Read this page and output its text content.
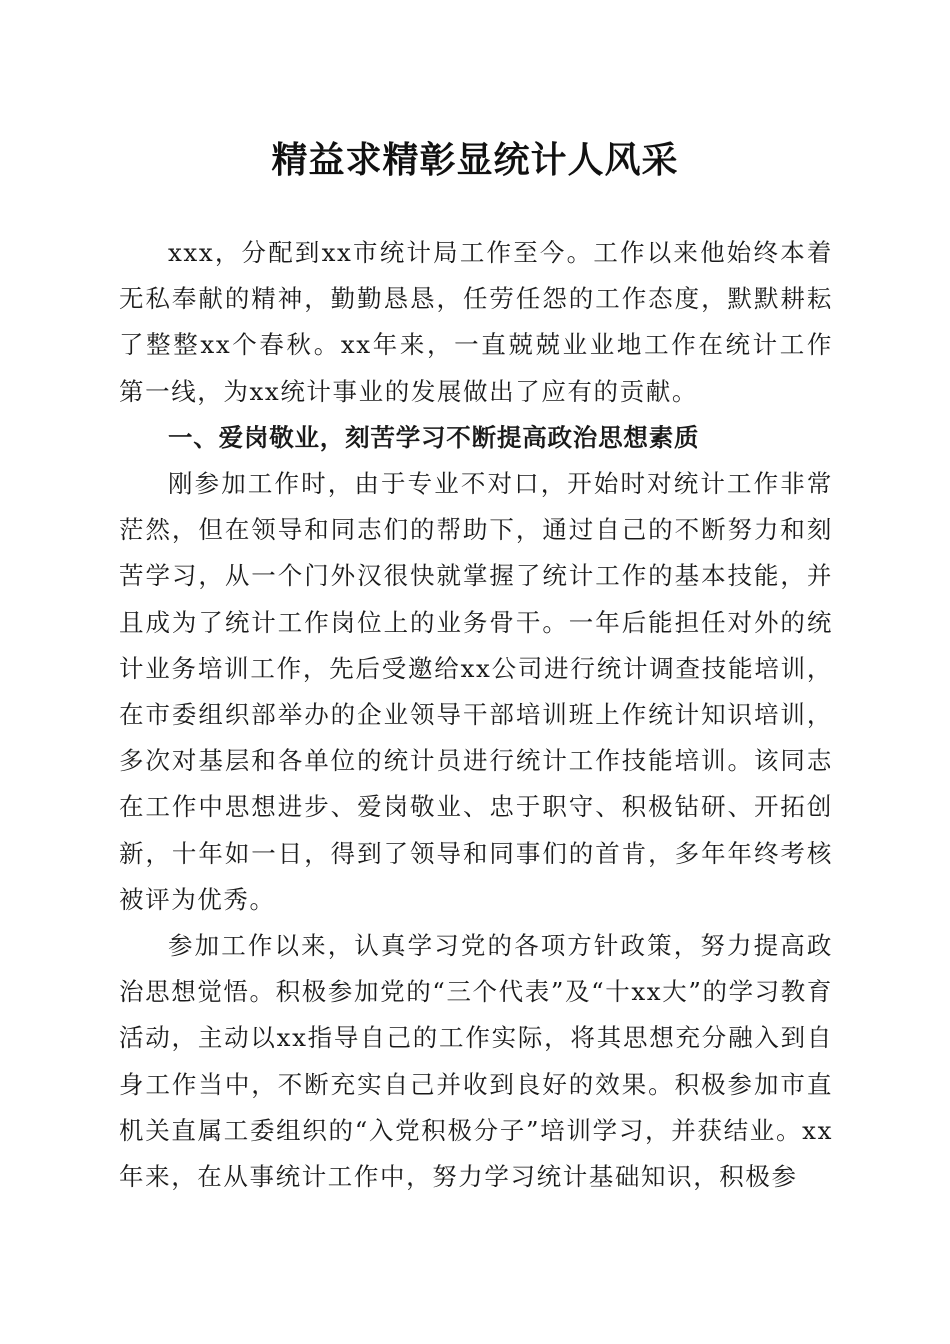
精益求精彰显统计人风采

xxx，分配到xx市统计局工作至今。工作以来他始终本着无私奉献的精神，勤勤恳恳，任劳任怨的工作态度，默默耕耘了整整xx个春秋。xx年来，一直兢兢业业地工作在统计工作第一线，为xx统计事业的发展做出了应有的贡献。

一、爱岗敬业，刻苦学习不断提高政治思想素质

刚参加工作时，由于专业不对口，开始时对统计工作非常茫然，但在领导和同志们的帮助下，通过自己的不断努力和刻苦学习，从一个门外汉很快就掌握了统计工作的基本技能，并且成为了统计工作岗位上的业务骨干。一年后能担任对外的统计业务培训工作，先后受邀给xx公司进行统计调查技能培训，在市委组织部举办的企业领导干部培训班上作统计知识培训，多次对基层和各单位的统计员进行统计工作技能培训。该同志在工作中思想进步、爱岗敬业、忠于职守、积极钻研、开拓创新，十年如一日，得到了领导和同事们的首肯，多年年终考核被评为优秀。

参加工作以来，认真学习党的各项方针政策，努力提高政治思想觉悟。积极参加党的“三个代表”及“十xx大”的学习教育活动，主动以xx指导自己的工作实际，将其思想充分融入到自身工作当中，不断充实自己并收到良好的效果。积极参加市直机关直属工委组织的“入党积极分子”培训学习，并获结业。xx年来，在从事统计工作中，努力学习统计基础知识，积极参
